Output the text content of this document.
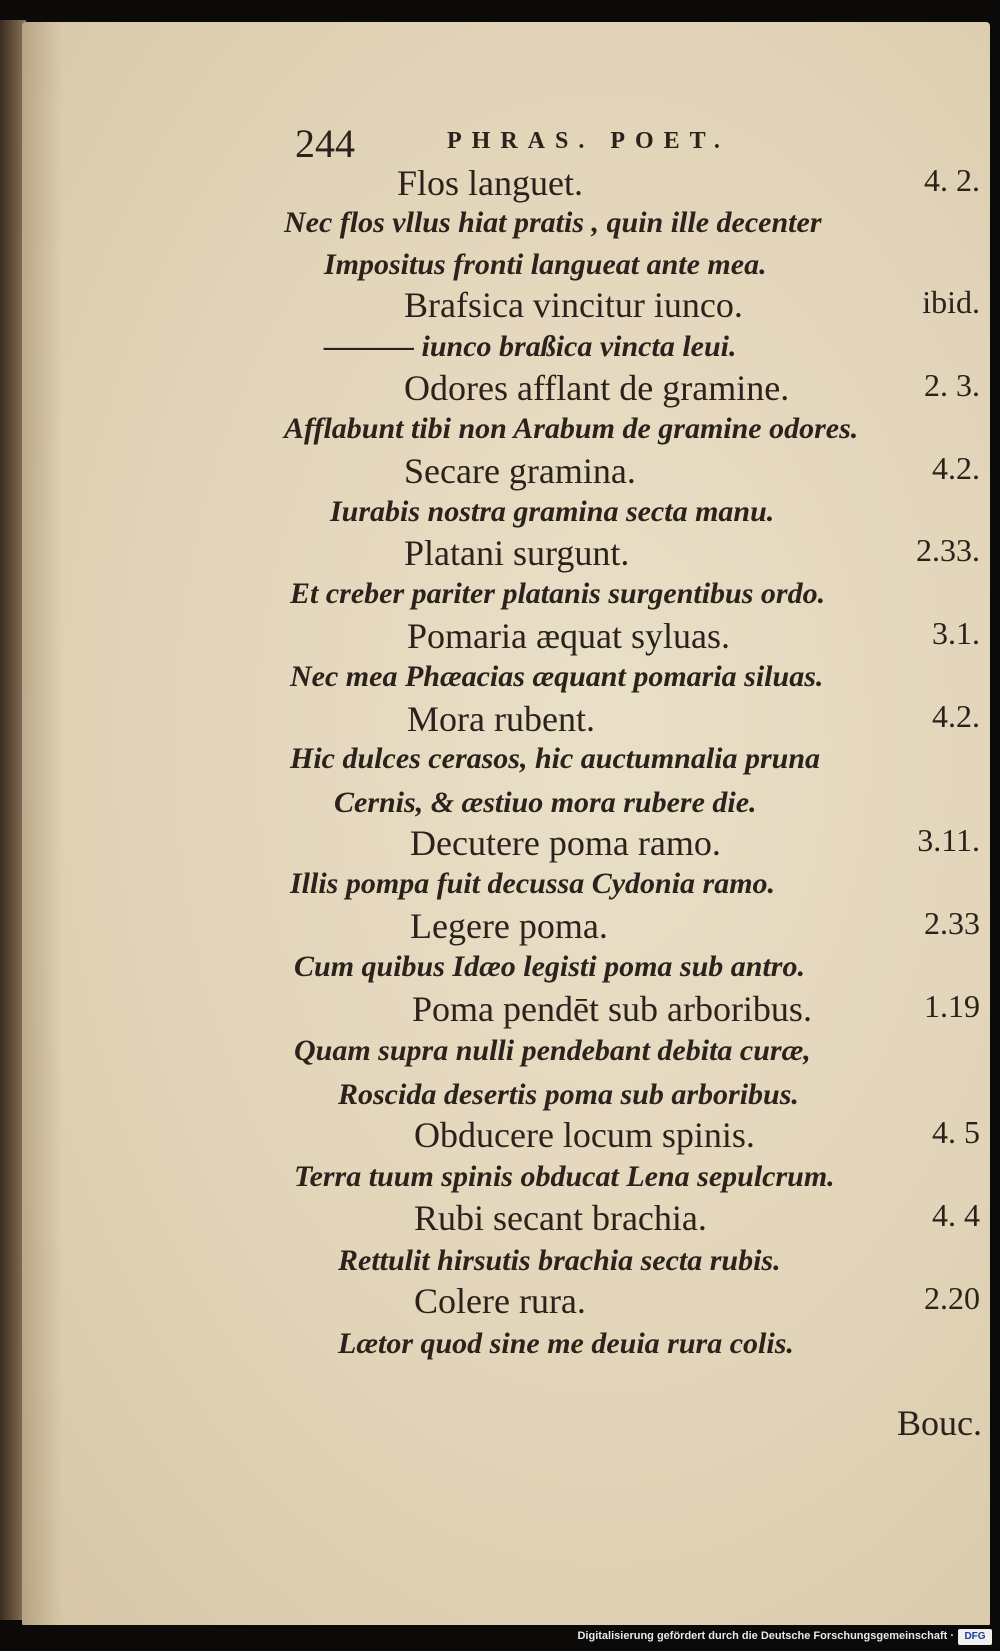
244	PHRAS. POET.
Flos languet.	4. 2.
Nec flos vllus hiat pratis , quin ille decenter
Impositus fronti langueat ante mea.
Brafsica vincitur iunco.	ibid.
——— iunco braßica vincta leui.
Odores afflant de gramine.	2. 3.
Afflabunt tibi non Arabum de gramine odores.
Secare gramina.	4.2.
Iurabis nostra gramina secta manu.
Platani surgunt.	2.33.
Et creber pariter platanis surgentibus ordo.
Pomaria æquat syluas.	3.1.
Nec mea Phæacias æquant pomaria siluas.
Mora rubent.	4.2.
Hic dulces cerasos, hic auctumnalia pruna
Cernis, & æstiuo mora rubere die.
Decutere poma ramo.	3.11.
Illis pompa fuit decussa Cydonia ramo.
Legere poma.	2.33
Cum quibus Idæo legisti poma sub antro.
Poma pendēt sub arboribus.	1.19
Quam supra nulli pendebant debita curæ,
Roscida desertis poma sub arboribus.
Obducere locum spinis.	4. 5
Terra tuum spinis obducat Lena sepulcrum.
Rubi secant brachia.	4. 4
Rettulit hirsutis brachia secta rubis.
Colere rura.	2.20
Lætor quod sine me deuia rura colis.
Bouc.
Digitalisierung gefördert durch die Deutsche Forschungsgemeinschaft ·	DFG
